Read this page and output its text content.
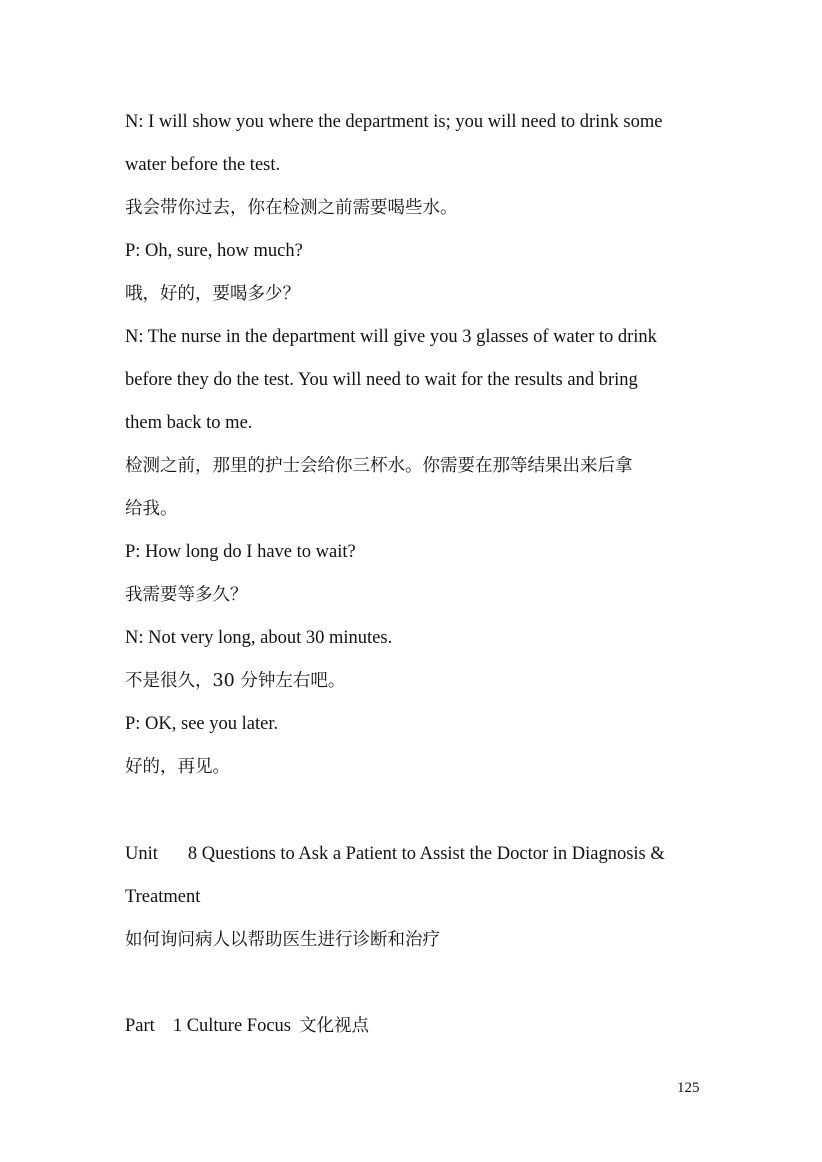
N: I will show you where the department is; you will need to drink some
water before the test.
我会带你过去，你在检测之前需要喝些水。
P: Oh, sure, how much?
哦，好的，要喝多少？
N: The nurse in the department will give you 3 glasses of water to drink
before they do the test. You will need to wait for the results and bring
them back to me.
检测之前，那里的护士会给你三杯水。你需要在那等结果出来后拿
给我。
P: How long do I have to wait?
我需要等多久？
N: Not very long, about 30 minutes.
不是很久，30 分钟左右吧。
P: OK, see you later.
好的，再见。
Unit 8 Questions to Ask a Patient to Assist the Doctor in Diagnosis &
Treatment
如何询问病人以帮助医生进行诊断和治疗
Part 1 Culture Focus 文化视点
125
